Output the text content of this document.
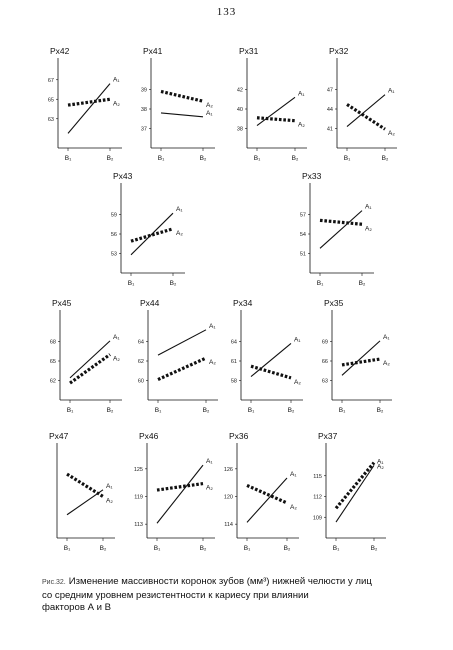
133
Рх42
63
65
67
В₁	В₂
А₁
А₂
Рх41
37
38
39
В₁	В₂
А₁
А₂
Рх31
38
40
42
В₁	В₂
А₁
А₂
Рх32
41
44
47
В₁	В₂
А₁
А₂
Рх43
53
56
59
В₁	В₂
А₁
А₂
Рх33
51
54
57
В₁	В₂
А₁
А₂
Рх45
62
65
68
В₁	В₂
А₁
А₂
Рх44
60
62
64
В₁	В₂
А₁
А₂
Рх34
58
61
64
В₁	В₂
А₁
А₂
Рх35
63
66
69
В₁	В₂
А₁
А₂
Рх47
В₁	В₂
А₁
А₂
Рх46
113
119
125
В₁	В₂
А₁
А₂
Рх36
114
120
126
В₁	В₂
А₁
А₂
Рх37
109
112
115
В₁	В₂
А₁
А₂
Рис.32. Изменение массивности коронок зубов (мм³) нижней челюсти у лиц
со средним уровнем резистентности к кариесу при влиянии
факторов А и В
